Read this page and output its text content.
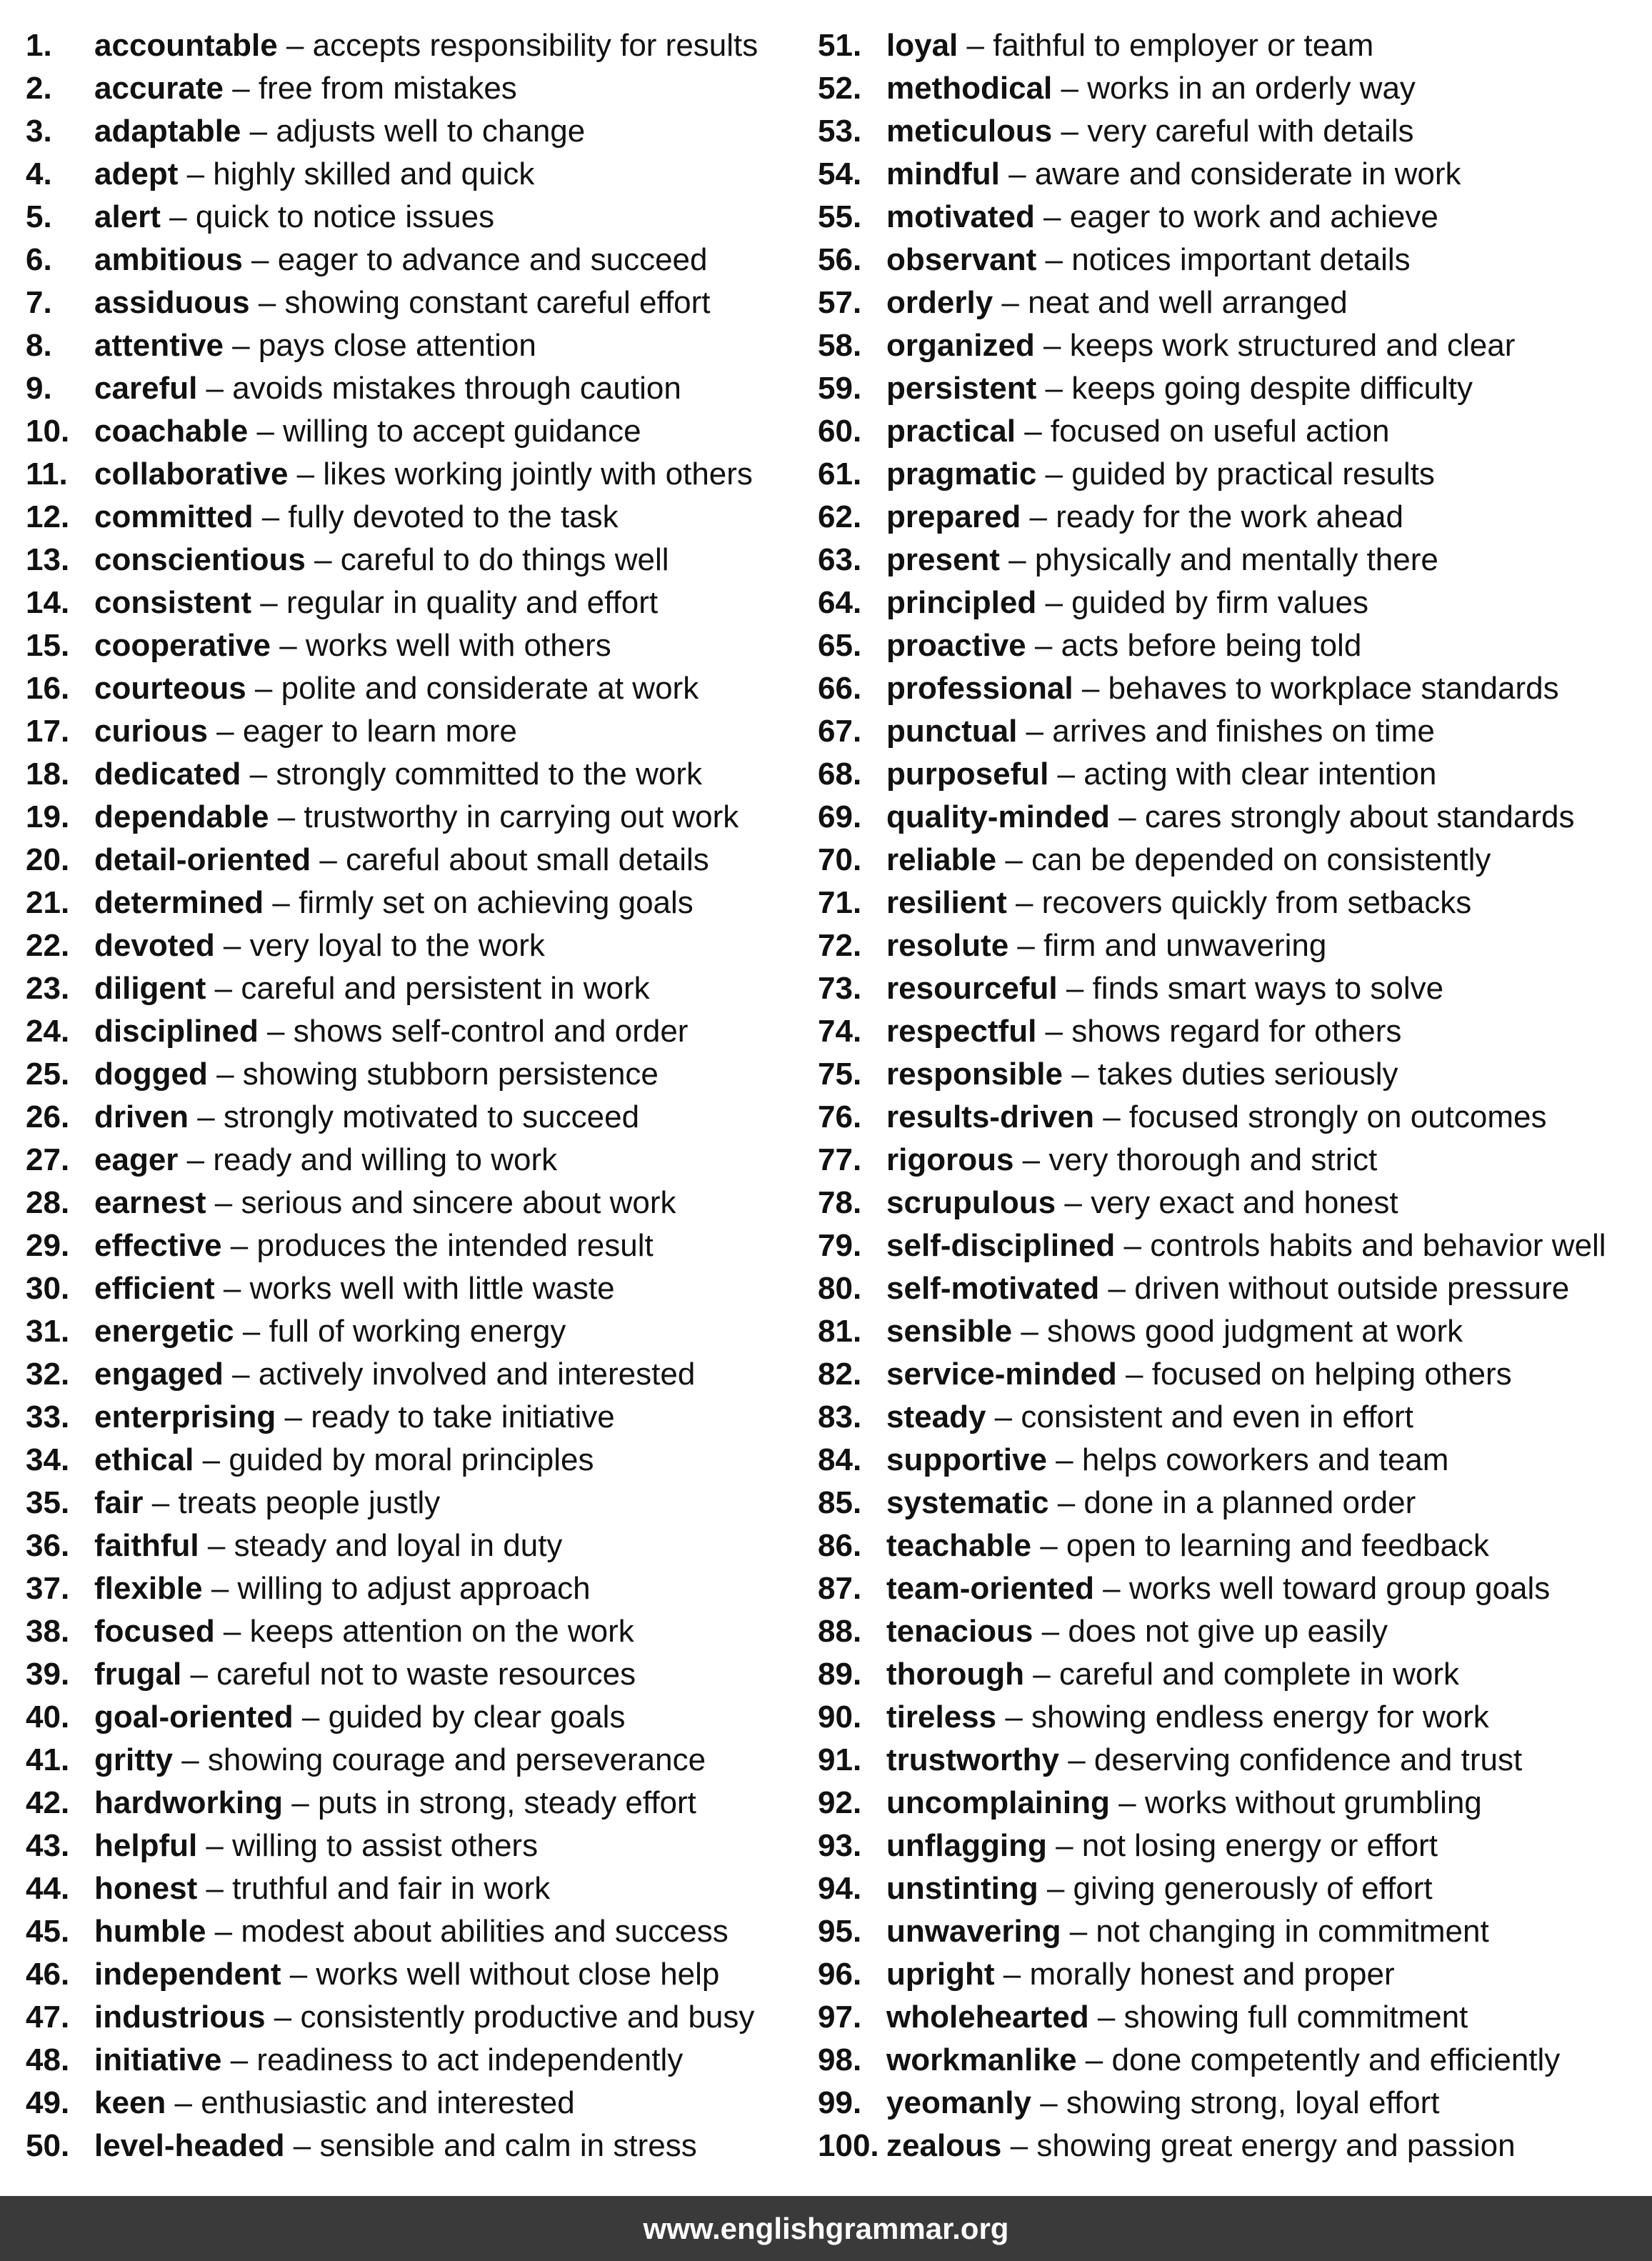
1. accountable – accepts responsibility for results
2. accurate – free from mistakes
3. adaptable – adjusts well to change
4. adept – highly skilled and quick
5. alert – quick to notice issues
6. ambitious – eager to advance and succeed
7. assiduous – showing constant careful effort
8. attentive – pays close attention
9. careful – avoids mistakes through caution
10. coachable – willing to accept guidance
11. collaborative – likes working jointly with others
12. committed – fully devoted to the task
13. conscientious – careful to do things well
14. consistent – regular in quality and effort
15. cooperative – works well with others
16. courteous – polite and considerate at work
17. curious – eager to learn more
18. dedicated – strongly committed to the work
19. dependable – trustworthy in carrying out work
20. detail-oriented – careful about small details
21. determined – firmly set on achieving goals
22. devoted – very loyal to the work
23. diligent – careful and persistent in work
24. disciplined – shows self-control and order
25. dogged – showing stubborn persistence
26. driven – strongly motivated to succeed
27. eager – ready and willing to work
28. earnest – serious and sincere about work
29. effective – produces the intended result
30. efficient – works well with little waste
31. energetic – full of working energy
32. engaged – actively involved and interested
33. enterprising – ready to take initiative
34. ethical – guided by moral principles
35. fair – treats people justly
36. faithful – steady and loyal in duty
37. flexible – willing to adjust approach
38. focused – keeps attention on the work
39. frugal – careful not to waste resources
40. goal-oriented – guided by clear goals
41. gritty – showing courage and perseverance
42. hardworking – puts in strong, steady effort
43. helpful – willing to assist others
44. honest – truthful and fair in work
45. humble – modest about abilities and success
46. independent – works well without close help
47. industrious – consistently productive and busy
48. initiative – readiness to act independently
49. keen – enthusiastic and interested
50. level-headed – sensible and calm in stress
51. loyal – faithful to employer or team
52. methodical – works in an orderly way
53. meticulous – very careful with details
54. mindful – aware and considerate in work
55. motivated – eager to work and achieve
56. observant – notices important details
57. orderly – neat and well arranged
58. organized – keeps work structured and clear
59. persistent – keeps going despite difficulty
60. practical – focused on useful action
61. pragmatic – guided by practical results
62. prepared – ready for the work ahead
63. present – physically and mentally there
64. principled – guided by firm values
65. proactive – acts before being told
66. professional – behaves to workplace standards
67. punctual – arrives and finishes on time
68. purposeful – acting with clear intention
69. quality-minded – cares strongly about standards
70. reliable – can be depended on consistently
71. resilient – recovers quickly from setbacks
72. resolute – firm and unwavering
73. resourceful – finds smart ways to solve
74. respectful – shows regard for others
75. responsible – takes duties seriously
76. results-driven – focused strongly on outcomes
77. rigorous – very thorough and strict
78. scrupulous – very exact and honest
79. self-disciplined – controls habits and behavior well
80. self-motivated – driven without outside pressure
81. sensible – shows good judgment at work
82. service-minded – focused on helping others
83. steady – consistent and even in effort
84. supportive – helps coworkers and team
85. systematic – done in a planned order
86. teachable – open to learning and feedback
87. team-oriented – works well toward group goals
88. tenacious – does not give up easily
89. thorough – careful and complete in work
90. tireless – showing endless energy for work
91. trustworthy – deserving confidence and trust
92. uncomplaining – works without grumbling
93. unflagging – not losing energy or effort
94. unstinting – giving generously of effort
95. unwavering – not changing in commitment
96. upright – morally honest and proper
97. wholehearted – showing full commitment
98. workmanlike – done competently and efficiently
99. yeomanly – showing strong, loyal effort
100. zealous – showing great energy and passion
www.englishgrammar.org
